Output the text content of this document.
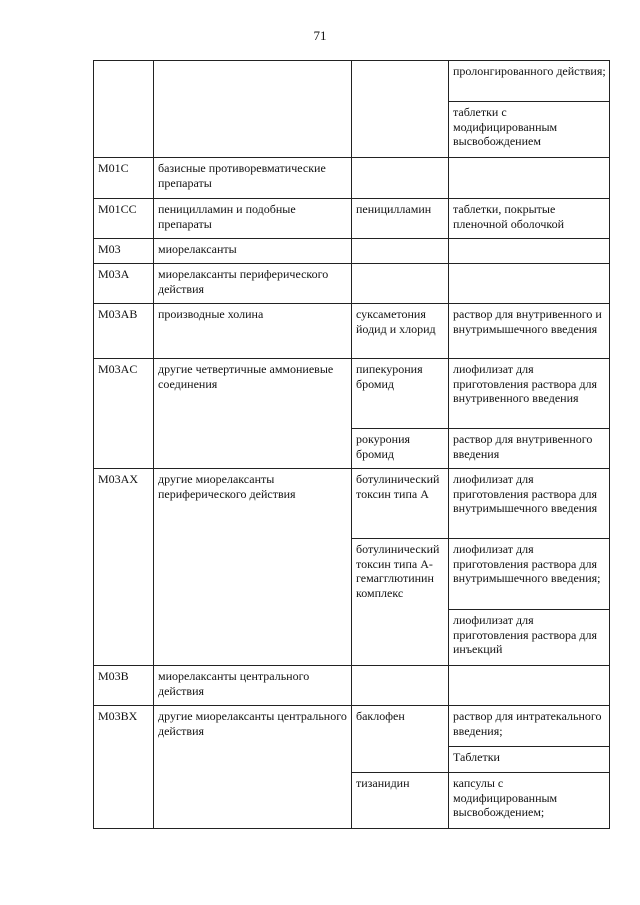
71
			пролонгированного действия;
			таблетки с модифицированным высвобождением
M01C	базисные противоревматические препараты		
M01CC	пеницилламин и подобные препараты	пеницилламин	таблетки, покрытые пленочной оболочкой
M03	миорелаксанты		
M03A	миорелаксанты периферического действия		
M03AB	производные холина	суксаметония йодид и хлорид	раствор для внутривенного и внутримышечного введения
M03AC	другие четвертичные аммониевые соединения	пипекурония бромид	лиофилизат для приготовления раствора для внутривенного введения
		рокурония бромид	раствор для внутривенного введения
M03AX	другие миорелаксанты периферического действия	ботулинический токсин типа А	лиофилизат для приготовления раствора для внутримышечного введения
		ботулинический токсин типа А-гемагглютинин комплекс	лиофилизат для приготовления раствора для внутримышечного введения;
			лиофилизат для приготовления раствора для инъекций
M03B	миорелаксанты центрального действия		
M03BX	другие миорелаксанты центрального действия	баклофен	раствор для интратекального введения;
			Таблетки
		тизанидин	капсулы с модифицированным высвобождением;
